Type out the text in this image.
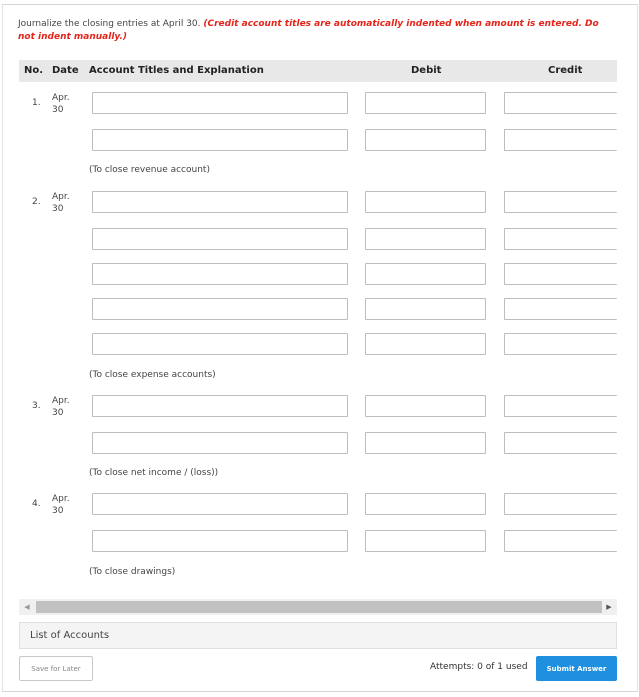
Journalize the closing entries at April 30. (Credit account titles are automatically indented when amount is entered. Do not indent manually.)
No. Date Account Titles and Explanation	Debit	Credit
1. Apr.
30
(To close revenue account)
2. Apr.
30
(To close expense accounts)
3. Apr.
30
(To close net income / (loss))
4. Apr.
30
(To close drawings)
◀	▶
List of Accounts
Save for Later	Attempts: 0 of 1 used	Submit Answer
